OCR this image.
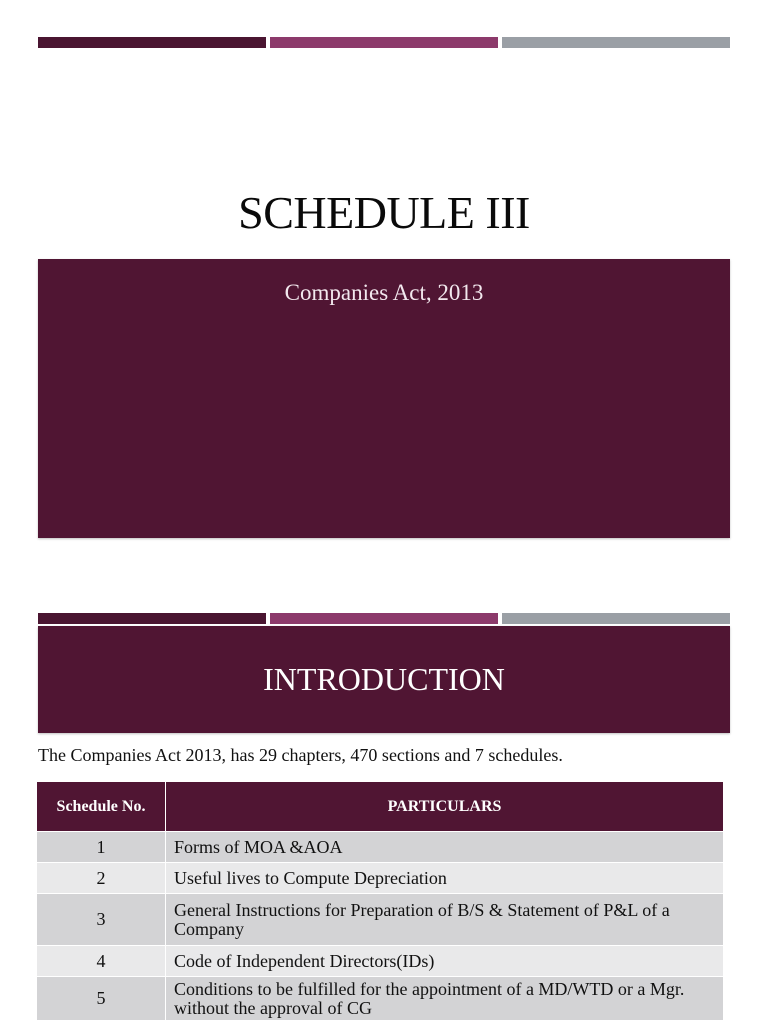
SCHEDULE III
Companies Act, 2013
INTRODUCTION
The Companies Act 2013, has 29 chapters, 470 sections and 7 schedules.
Schedule No.	PARTICULARS
1	Forms of MOA &AOA
2	Useful lives to Compute Depreciation
3	General Instructions for Preparation of B/S & Statement of P&L of a Company
4	Code of Independent Directors(IDs)
5	Conditions to be fulfilled for the appointment of a MD/WTD or a Mgr. without the approval of CG
